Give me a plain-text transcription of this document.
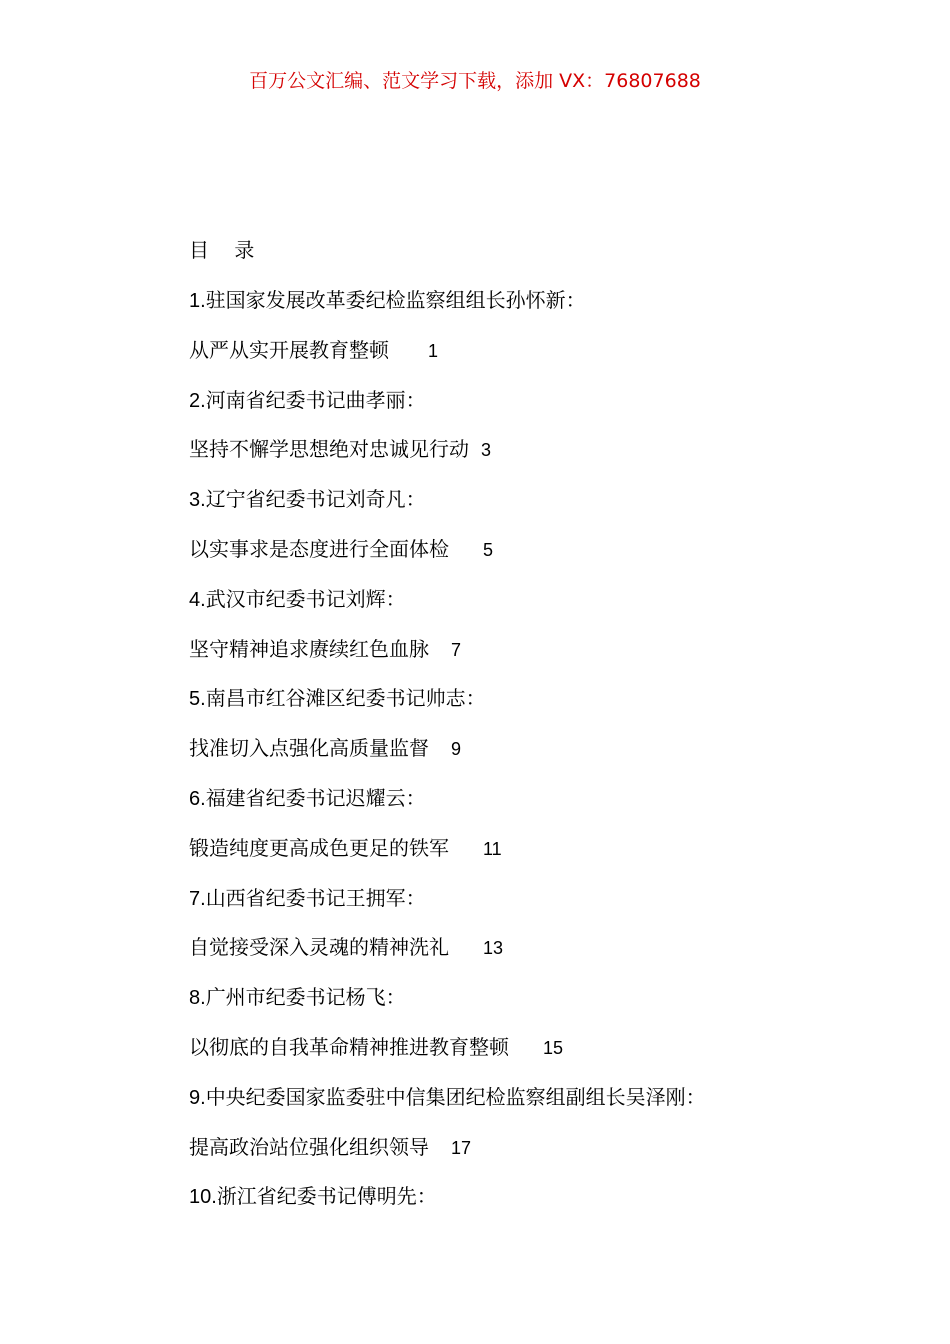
百万公文汇编、范文学习下载，添加 VX：76807688
目    录
1.驻国家发展改革委纪检监察组组长孙怀新：
从严从实开展教育整顿 1
2.河南省纪委书记曲孝丽：
坚持不懈学思想绝对忠诚见行动 3
3.辽宁省纪委书记刘奇凡：
以实事求是态度进行全面体检 5
4.武汉市纪委书记刘辉：
坚守精神追求赓续红色血脉 7
5.南昌市红谷滩区纪委书记帅志：
找准切入点强化高质量监督 9
6.福建省纪委书记迟耀云：
锻造纯度更高成色更足的铁军 11
7.山西省纪委书记王拥军：
自觉接受深入灵魂的精神洗礼 13
8.广州市纪委书记杨飞：
以彻底的自我革命精神推进教育整顿 15
9.中央纪委国家监委驻中信集团纪检监察组副组长吴泽刚：
提高政治站位强化组织领导 17
10.浙江省纪委书记傅明先：
